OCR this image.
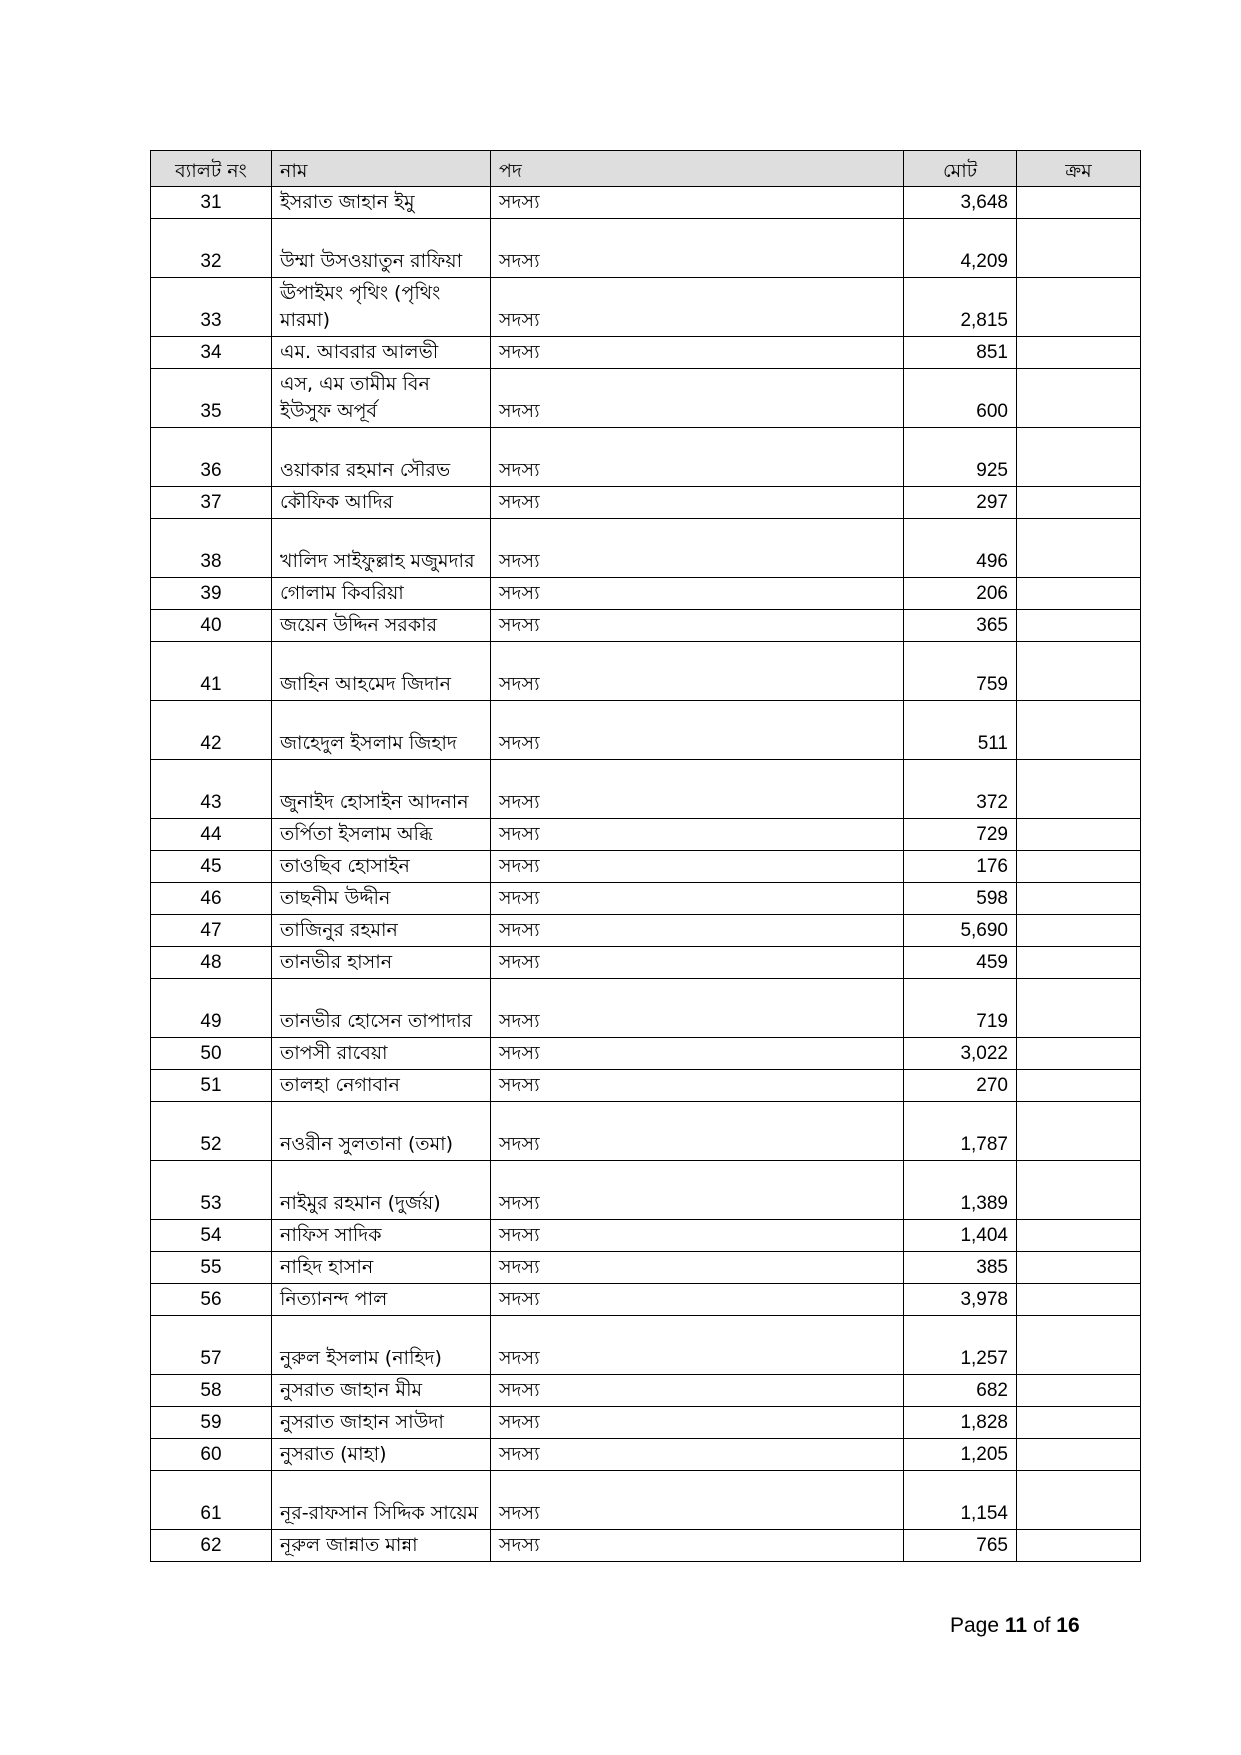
ব্যালট নং	নাম	পদ	মোট	ক্রম
31	ইসরাত জাহান ইমু	সদস্য	3,648	
32	উম্মা উসওয়াতুন রাফিয়া	সদস্য	4,209	
33	ঊপাইমং পৃথিং (পৃথিং মারমা)	সদস্য	2,815	
34	এম. আবরার আলভী	সদস্য	851	
35	এস, এম তামীম বিন ইউসুফ অপূর্ব	সদস্য	600	
36	ওয়াকার রহমান সৌরভ	সদস্য	925	
37	কৌফিক আদির	সদস্য	297	
38	খালিদ সাইফুল্লাহ মজুমদার	সদস্য	496	
39	গোলাম কিবরিয়া	সদস্য	206	
40	জয়েন উদ্দিন সরকার	সদস্য	365	
41	জাহিন আহমেদ জিদান	সদস্য	759	
42	জাহেদুল ইসলাম জিহাদ	সদস্য	511	
43	জুনাইদ হোসাইন আদনান	সদস্য	372	
44	তর্পিতা ইসলাম অব্ধি	সদস্য	729	
45	তাওছিব হোসাইন	সদস্য	176	
46	তাছনীম উদ্দীন	সদস্য	598	
47	তাজিনুর রহমান	সদস্য	5,690	
48	তানভীর হাসান	সদস্য	459	
49	তানভীর হোসেন তাপাদার	সদস্য	719	
50	তাপসী রাবেয়া	সদস্য	3,022	
51	তালহা নেগাবান	সদস্য	270	
52	নওরীন সুলতানা (তমা)	সদস্য	1,787	
53	নাইমুর রহমান (দুর্জয়)	সদস্য	1,389	
54	নাফিস সাদিক	সদস্য	1,404	
55	নাহিদ হাসান	সদস্য	385	
56	নিত্যানন্দ পাল	সদস্য	3,978	
57	নুরুল ইসলাম (নাহিদ)	সদস্য	1,257	
58	নুসরাত জাহান মীম	সদস্য	682	
59	নুসরাত জাহান সাউদা	সদস্য	1,828	
60	নুসরাত (মাহা)	সদস্য	1,205	
61	নূর-রাফসান সিদ্দিক সায়েম	সদস্য	1,154	
62	নূরুল জান্নাত মান্না	সদস্য	765	
Page 11 of 16
